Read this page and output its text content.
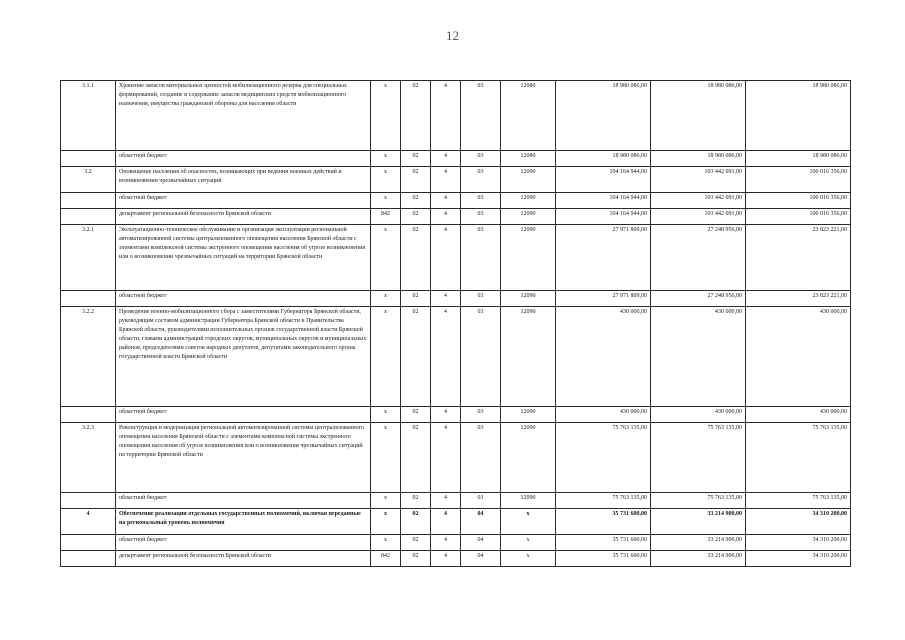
12
3.1.1	Хранение запасов материальных ценностей мобилизационного резерва для специальных формирований, создание и содержание запасов медицинских средств мобилизационного назначения, имущества гражданской обороны для населения области	х	02	4	03	12080	18 980 086,00	18 980 086,00	18 980 086,00
	областной бюджет	х	02	4	03	12080	18 980 086,00	18 980 086,00	18 980 086,00
3.2	Оповещение населения об опасностях, возникающих при ведении военных действий и возникновении чрезвычайных ситуаций	х	02	4	03	12090	104 164 944,00	103 442 091,00	100 016 356,00
	областной бюджет	х	02	4	03	12090	104 164 944,00	103 442 091,00	100 016 356,00
	департамент региональной безопасности Брянской области	842	02	4	03	12090	104 164 944,00	103 442 091,00	100 016 356,00
3.2.1	Эксплуатационно-техническое обслуживание и организация эксплуатации региональной автоматизированной системы централизованного оповещения населения Брянской области с элементами комплексной системы экстренного оповещения населения об угрозе возникновения или о возникновении чрезвычайных ситуаций на территории Брянской области	х	02	4	03	12090	27 971 809,00	27 248 956,00	23 823 221,00
	областной бюджет	х	02	4	03	12090	27 971 809,00	27 248 956,00	23 823 221,00
3.2.2	Проведение военно-мобилизационного сбора с заместителями Губернатора Брянской области, руководящим составом администрации Губернатора Брянской области и Правительства Брянской области, руководителями исполнительных органов государственной власти Брянской области, главами администраций городских округов, муниципальных округов и муниципальных районов, председателями советов народных депутатов, депутатами законодательного органа государственной власти Брянской области	х	02	4	03	12090	430 000,00	430 000,00	430 000,00
	областной бюджет	х	02	4	03	12090	430 000,00	430 000,00	430 000,00
3.2.3	Реконструкция и модернизация региональной автоматизированной системы централизованного оповещения населения Брянской области с элементами комплексной системы экстренного оповещения населения об угрозе возникновения или о возникновении чрезвычайных ситуаций на территории Брянской области	х	02	4	03	12090	75 763 135,00	75 763 135,00	75 763 135,00
	областной бюджет	х	02	4	03	12090	75 763 135,00	75 763 135,00	75 763 135,00
4	Обеспечение реализации отдельных государственных полномочий, включая переданные на региональный уровень полномочия	х	02	4	04	х	35 731 600,00	33 214 900,00	34 310 200,00
	областной бюджет	х	02	4	04	х	35 731 600,00	33 214 900,00	34 310 200,00
	департамент региональной безопасности Брянской области	842	02	4	04	х	35 731 600,00	33 214 900,00	34 310 200,00
